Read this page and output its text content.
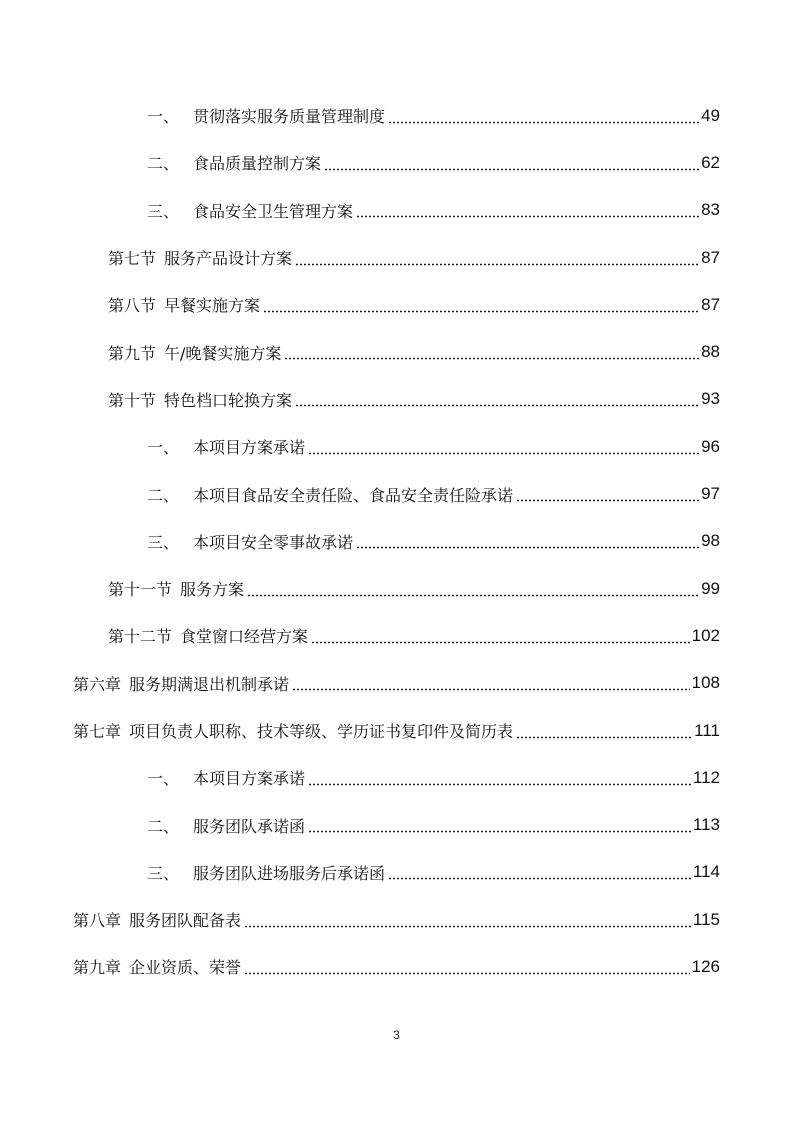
一、 贯彻落实服务质量管理制度	49
二、 食品质量控制方案	62
三、 食品安全卫生管理方案	83
第七节 服务产品设计方案	87
第八节 早餐实施方案	87
第九节 午/晚餐实施方案	88
第十节 特色档口轮换方案	93
一、 本项目方案承诺	96
二、 本项目食品安全责任险、食品安全责任险承诺	97
三、 本项目安全零事故承诺	98
第十一节 服务方案	99
第十二节 食堂窗口经营方案	102
第六章 服务期满退出机制承诺	108
第七章 项目负责人职称、技术等级、学历证书复印件及简历表	111
一、 本项目方案承诺	112
二、 服务团队承诺函	113
三、 服务团队进场服务后承诺函	114
第八章 服务团队配备表	115
第九章 企业资质、荣誉	126
3
